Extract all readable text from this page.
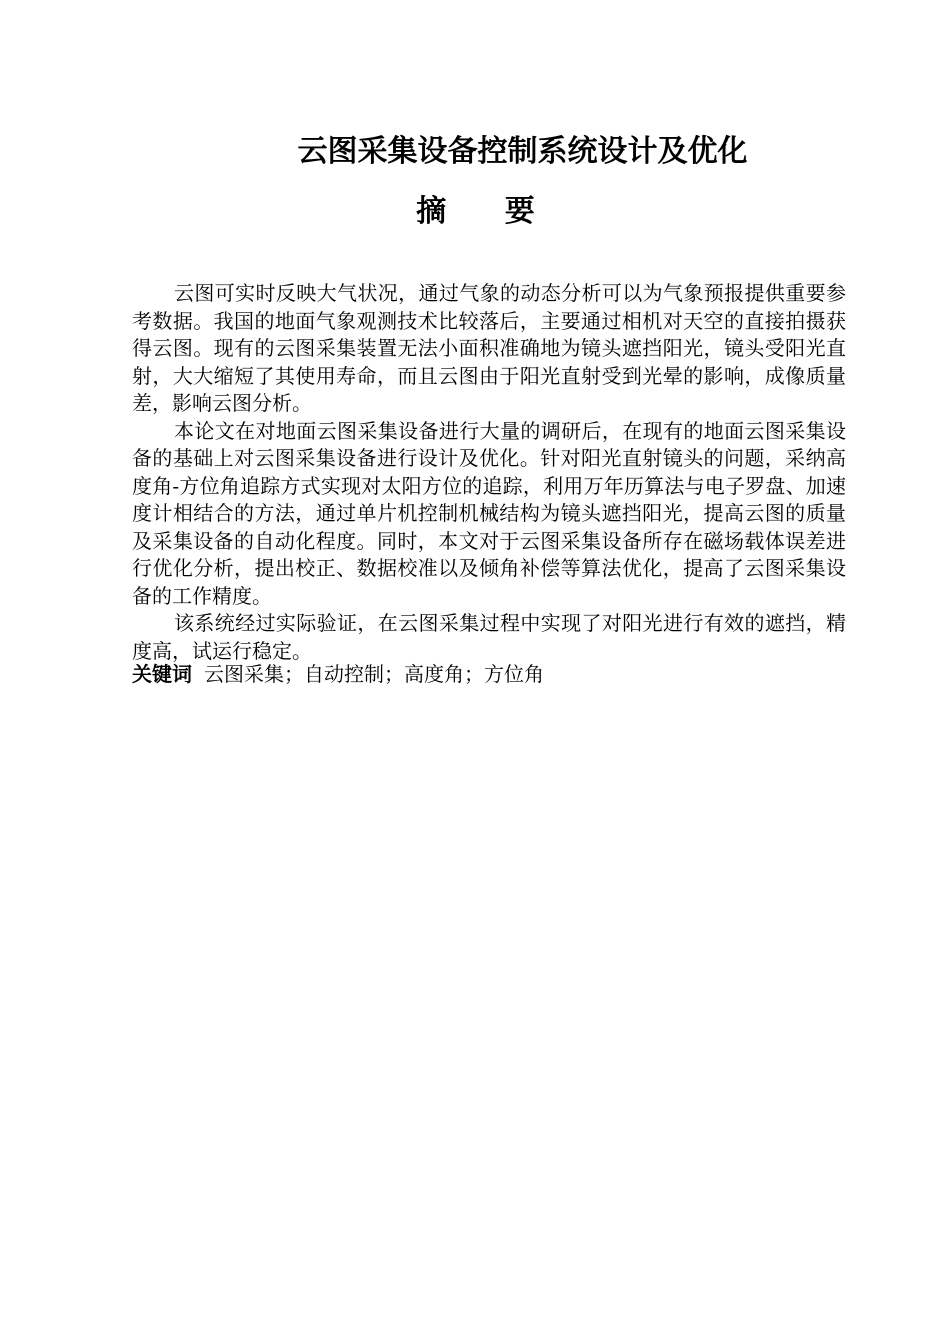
云图采集设备控制系统设计及优化
摘 要

云图可实时反映大气状况，通过气象的动态分析可以为气象预报提供重要参考数据。我国的地面气象观测技术比较落后，主要通过相机对天空的直接拍摄获得云图。现有的云图采集装置无法小面积准确地为镜头遮挡阳光，镜头受阳光直射，大大缩短了其使用寿命，而且云图由于阳光直射受到光晕的影响，成像质量差，影响云图分析。

本论文在对地面云图采集设备进行大量的调研后，在现有的地面云图采集设备的基础上对云图采集设备进行设计及优化。针对阳光直射镜头的问题，采纳高度角-方位角追踪方式实现对太阳方位的追踪，利用万年历算法与电子罗盘、加速度计相结合的方法，通过单片机控制机械结构为镜头遮挡阳光，提高云图的质量及采集设备的自动化程度。同时，本文对于云图采集设备所存在磁场载体误差进行优化分析，提出校正、数据校准以及倾角补偿等算法优化，提高了云图采集设备的工作精度。

该系统经过实际验证，在云图采集过程中实现了对阳光进行有效的遮挡，精度高，试运行稳定。

关键词 云图采集；自动控制；高度角；方位角
